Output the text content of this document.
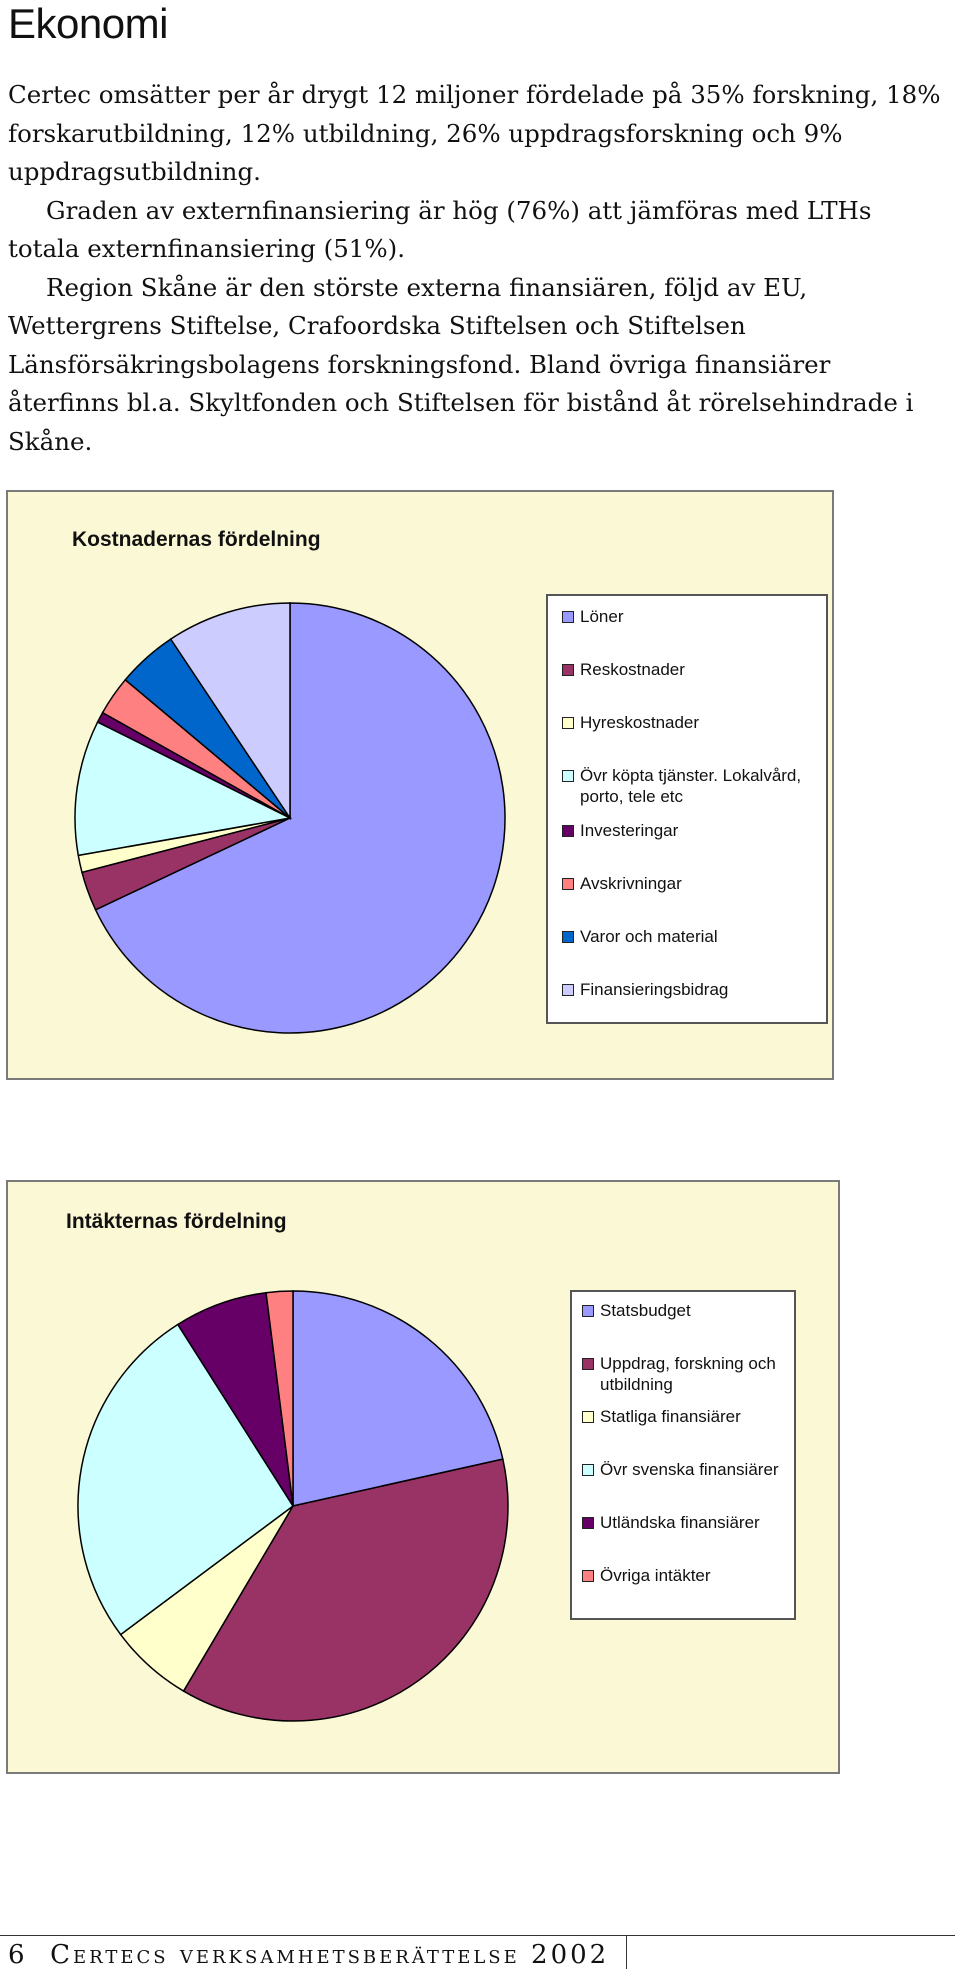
Ekonomi

Certec omsätter per år drygt 12 miljoner fördelade på 35% forskning, 18% forskarutbildning, 12% utbildning, 26% uppdragsforskning och 9% uppdragsutbildning.

Graden av externfinansiering är hög (76%) att jämföras med LTHs totala externfinansiering (51%).

Region Skåne är den störste externa finansiären, följd av EU, Wettergrens Stiftelse, Crafoordska Stiftelsen och Stiftelsen Länsförsäkringsbolagens forskningsfond. Bland övriga finansiärer återfinns bl.a. Skyltfonden och Stiftelsen för bistånd åt rörelsehindrade i Skåne.

Kostnadernas fördelning
Löner
Reskostnader
Hyreskostnader
Övr köpta tjänster. Lokalvård, porto, tele etc
Investeringar
Avskrivningar
Varor och material
Finansieringsbidrag
Intäkternas fördelning
Statsbudget
Uppdrag, forskning och utbildning
Statliga finansiärer
Övr svenska finansiärer
Utländska finansiärer
Övriga intäkter
6 Certecs verksamhetsberättelse 2002
